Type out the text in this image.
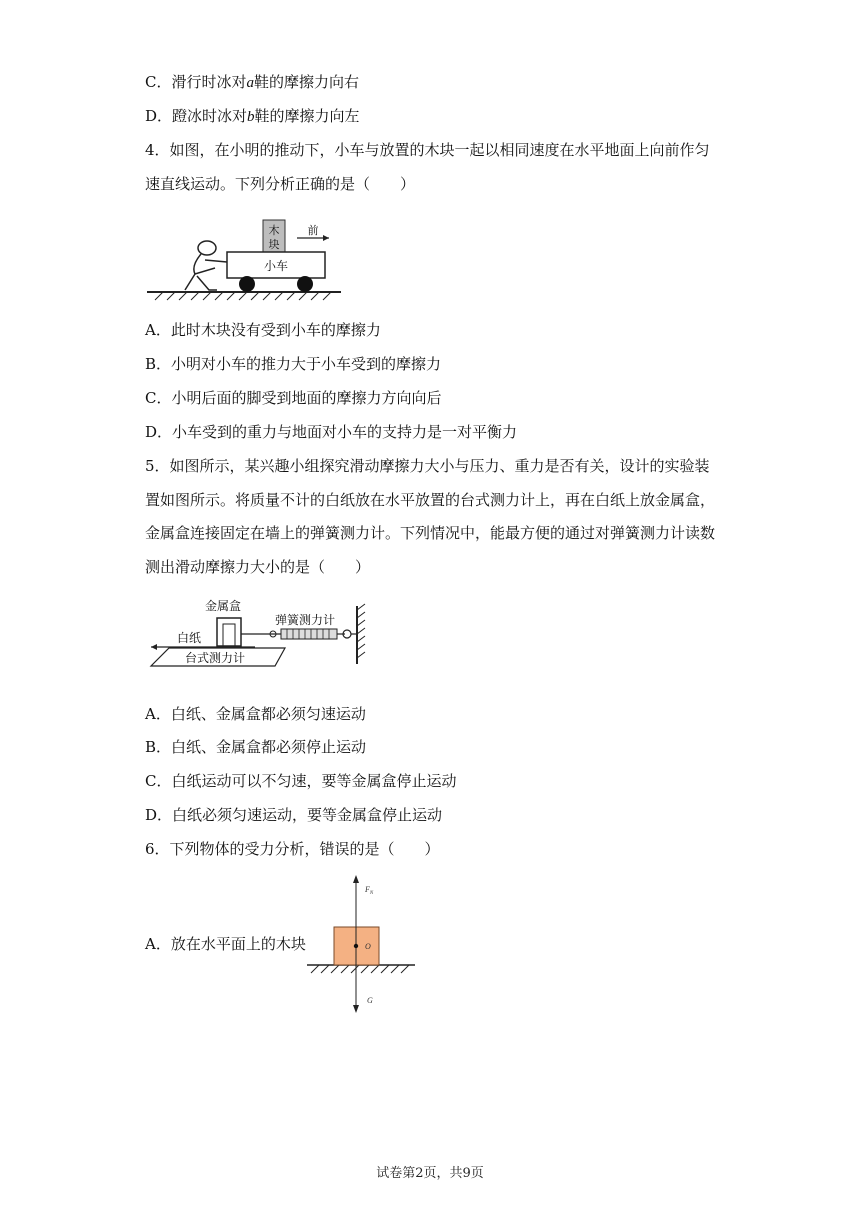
C．滑行时冰对a鞋的摩擦力向右
D．蹬冰时冰对b鞋的摩擦力向左
4．如图，在小明的推动下，小车与放置的木块一起以相同速度在水平地面上向前作匀
速直线运动。下列分析正确的是（　　）
木
块
小车
前
A．此时木块没有受到小车的摩擦力
B．小明对小车的推力大于小车受到的摩擦力
C．小明后面的脚受到地面的摩擦力方向向后
D．小车受到的重力与地面对小车的支持力是一对平衡力
5．如图所示，某兴趣小组探究滑动摩擦力大小与压力、重力是否有关，设计的实验装
置如图所示。将质量不计的白纸放在水平放置的台式测力计上，再在白纸上放金属盒，
金属盒连接固定在墙上的弹簧测力计。下列情况中，能最方便的通过对弹簧测力计读数
测出滑动摩擦力大小的是（　　）
金属盒
弹簧测力计
白纸
台式测力计
A．白纸、金属盒都必须匀速运动
B．白纸、金属盒都必须停止运动
C．白纸运动可以不匀速，要等金属盒停止运动
D．白纸必须匀速运动，要等金属盒停止运动
6．下列物体的受力分析，错误的是（　　）
A．放在水平面上的木块
$F_N$
O
G
试卷第2页，共9页
